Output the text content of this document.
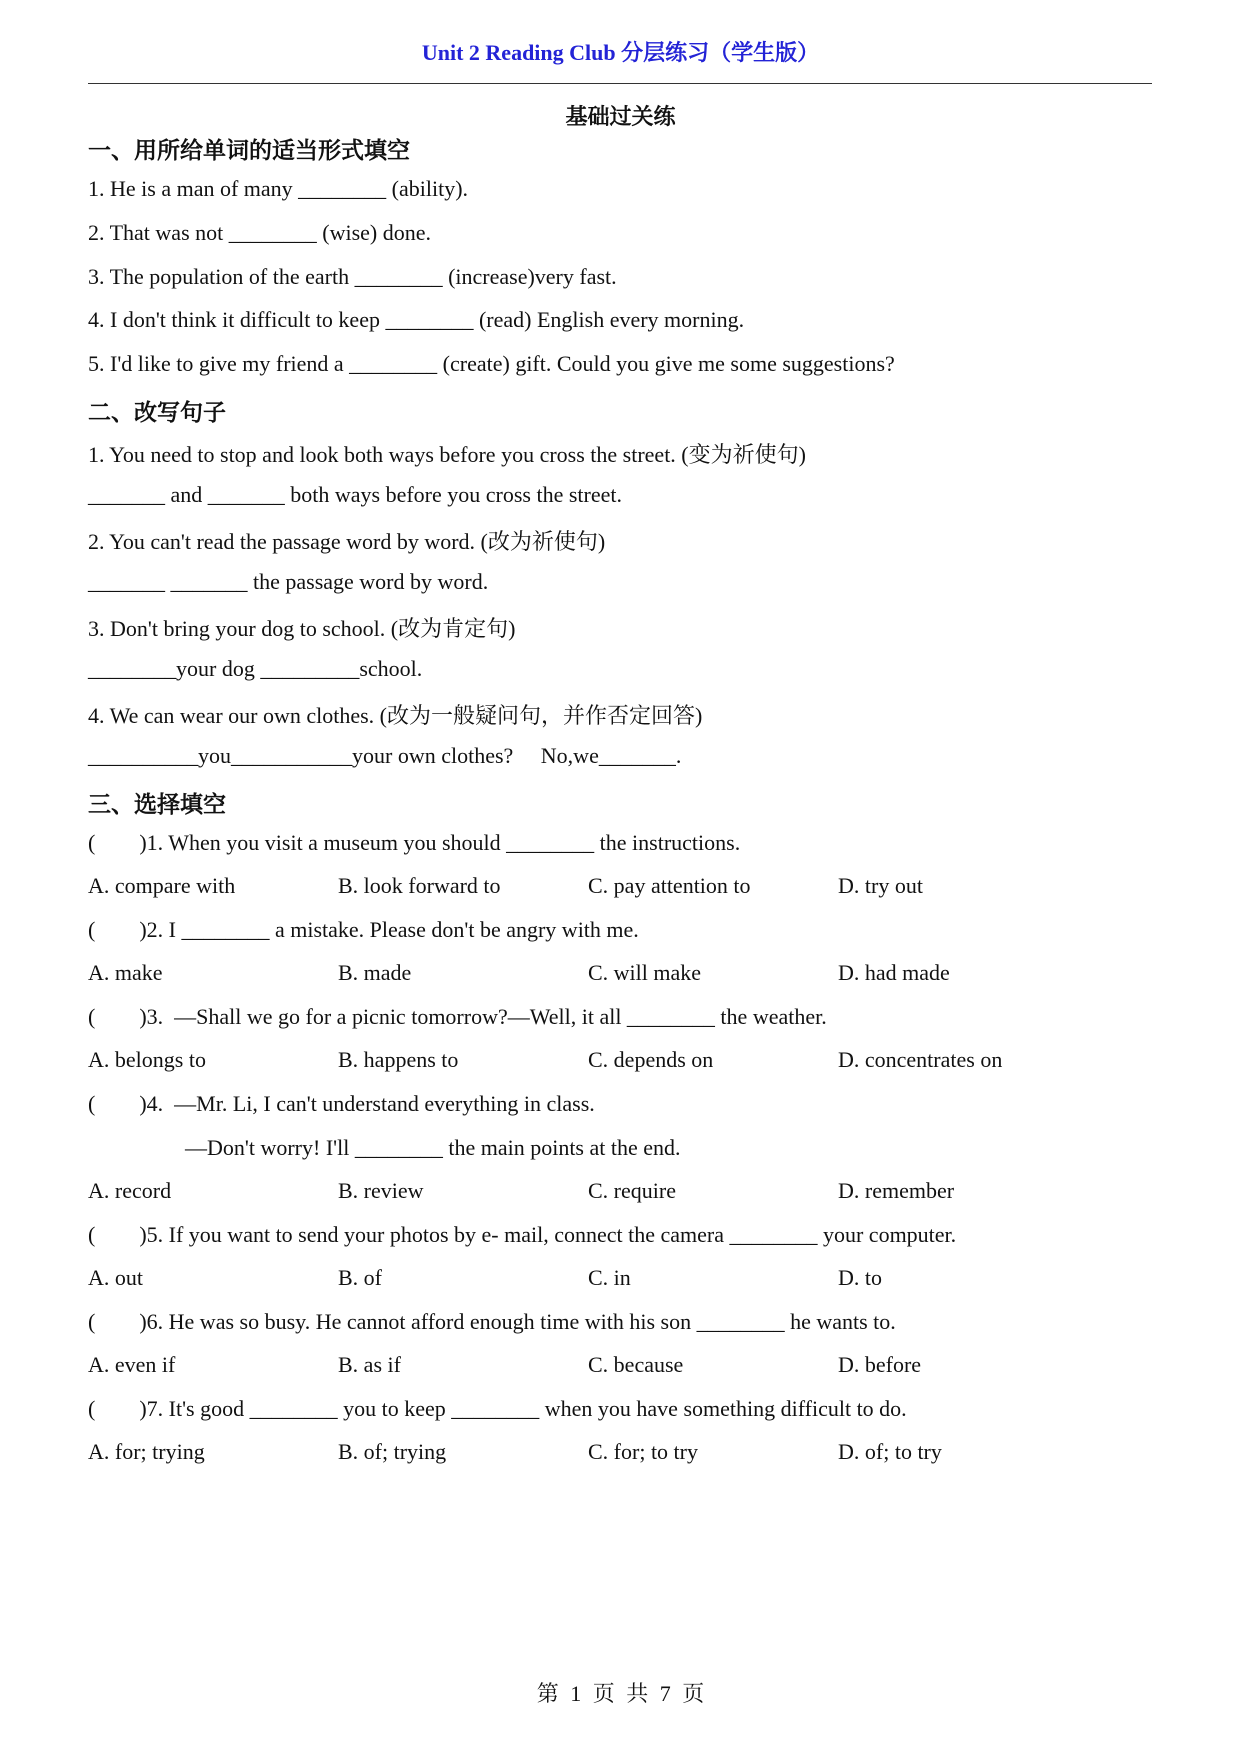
Unit 2 Reading Club 分层练习（学生版）
基础过关练
一、用所给单词的适当形式填空
1. He is a man of many ________ (ability).
2. That was not ________ (wise) done.
3. The population of the earth ________ (increase)very fast.
4. I don't think it difficult to keep ________ (read) English every morning.
5. I'd like to give my friend a ________ (create) gift. Could you give me some suggestions?
二、改写句子
1. You need to stop and look both ways before you cross the street. (变为祈使句)
_______ and _______ both ways before you cross the street.
2. You can't read the passage word by word. (改为祈使句)
_______ _______ the passage word by word.
3. Don't bring your dog to school. (改为肯定句)
________your dog _________school.
4. We can wear our own clothes. (改为一般疑问句，并作否定回答)
__________you___________your own clothes?     No,we_______.
三、选择填空
(        )1. When you visit a museum you should ________ the instructions.
A. compare with	B. look forward to	C. pay attention to	D. try out
(        )2. I ________ a mistake. Please don't be angry with me.
A. make	B. made	C. will make	D. had made
(        )3.  —Shall we go for a picnic tomorrow?—Well, it all ________ the weather.
A. belongs to	B. happens to	C. depends on	D. concentrates on
(        )4.  —Mr. Li, I can't understand everything in class.
—Don't worry! I'll ________ the main points at the end.
A. record	B. review	C. require	D. remember
(        )5. If you want to send your photos by e- mail, connect the camera ________ your computer.
A. out	B. of	C. in	D. to
(        )6. He was so busy. He cannot afford enough time with his son ________ he wants to.
A. even if	B. as if	C. because	D. before
(        )7. It's good ________ you to keep ________ when you have something difficult to do.
A. for; trying	B. of; trying	C. for; to try	D. of; to try
第 1 页 共 7 页
